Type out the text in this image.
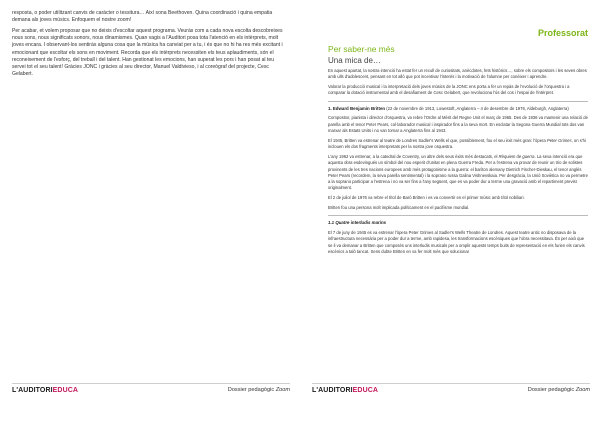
resposta, o poder utilitzant canvis de caràcter o tessitura… Així sona Beethoven. Quina coordinació i quina empatia demana als joves músics. Enfoquem el nostre zoom!

Per acabar, et volem proposar que no deixis d'escoltar aquest programa. Veuràs com a cada nova escolta descobreixes nous sons, nous significats sonors, nous dinamismes. Quan vagis a l'Auditori posa tota l'atenció en els intèrprets, molt joves encara. I observant-los sentiràs alguna cosa que la música ha canviat per a tu, i és que no hi ha res més excitant i emocionant que escoltar els sons en moviment. Recorda que els intèrprets necessiten els teus aplaudiments, són el reconeixement de l'esforç, del treball i del talent. Han gestionat les emocions, han superat les pors i han posat al teu servei tot el seu talent! Gràcies JONC i gràcies al seu director, Manuel Valdivieso, i al coreògraf del projecte, Cesc Gelabert.

L'AUDITORIEDUCA	Dossier pedagògic Zoom
Professorat
Per saber-ne més
Una mica de…

En aquest apartat, la nostra intenció ha estat fer un recull de curiositats, anècdotes, fets històrics…, sobre els compositors i les seves obres amb ulls d'adolescent, pensant en tot allò que pot incentivar l'interès i la motivació de l'alumne per conèixer i aprendre.

Valorar la producció musical i la interpretació dels joves músics de la JONC ens porta a fer un repàs de l'evolució de l'orquestra i a comparar la dotació instrumental amb el desafiament de Cesc Gelabert, que revoluciona l'ús del cos i l'espai de l'intèrpret.

1. Edward Benjamin Britten (22 de novembre de 1913, Lowestoft, Anglaterra – 4 de desembre de 1976, Aldeburgh, Anglaterra)

Compositor, pianista i director d'orquestra, va rebre l'Ordre al Mèrit del Regne Unit el març de 1965. Des de 1936 va mantenir una relació de parella amb el tenor Peter Pears, col·laborador musical i inspirador fins a la seva mort. En esclatar la Segona Guerra Mundial tots dos van marxar als Estats Units i no van tornar a Anglaterra fins al 1943.

El 1945, Britten va estrenar al teatre de Londres Sadler's Wells el que, possiblement, fou el seu èxit més gran: l'òpera Peter Grimes, on s'hi inclouen els dos fragments interpretats per la nostra jove orquestra.

L'any 1962 va estrenar, a la catedral de Coventry, un altre dels seus èxits més destacats, el Rèquiem de guerra. La seva intenció era que aquesta obra esdevingués un símbol del nou esperit d'unitat en plena Guerra Freda. Per a l'estrena va provar de reunir un trio de solistes provinents de les tres nacions europees amb més protagonisme a la guerra: el baríton alemany Dietrich Fischer-Dieskau, el tenor anglès Peter Pears (recordem, la seva parella sentimental) i la soprano russa Galina Vishnevskaia. Per desgràcia, la Unió Soviètica no va permetre a la soprano participar a l'estrena i no va ser fins a l'any següent, que es va poder dur a terme una gravació amb el repartiment previst originalment.

El 2 de juliol de 1976 va rebre el títol de Baró Britten i es va convertir en el primer músic amb títol nobiliari.

Britten fou una persona molt implicada políticament en el pacifisme mundial.

1.1 Quatre interludis marins

El 7 de juny de 1945 es va estrenar l'òpera Peter Grimes al Sadler's Wells Theatre de Londres. Aquest teatre antic no disposava de la infraestructura necessària per a poder dur a terme, amb rapidesa, les transformacions escèniques que l'obra necessitava. És per això que se li va demanar a Britten que composés uns interludis musicals per a omplir aquests temps buits de representació en els furien els canvis escènics a taló tancat. Sens dubte Britten en va fer molt més que solucionar

L'AUDITORIEDUCA	Dossier pedagògic Zoom
